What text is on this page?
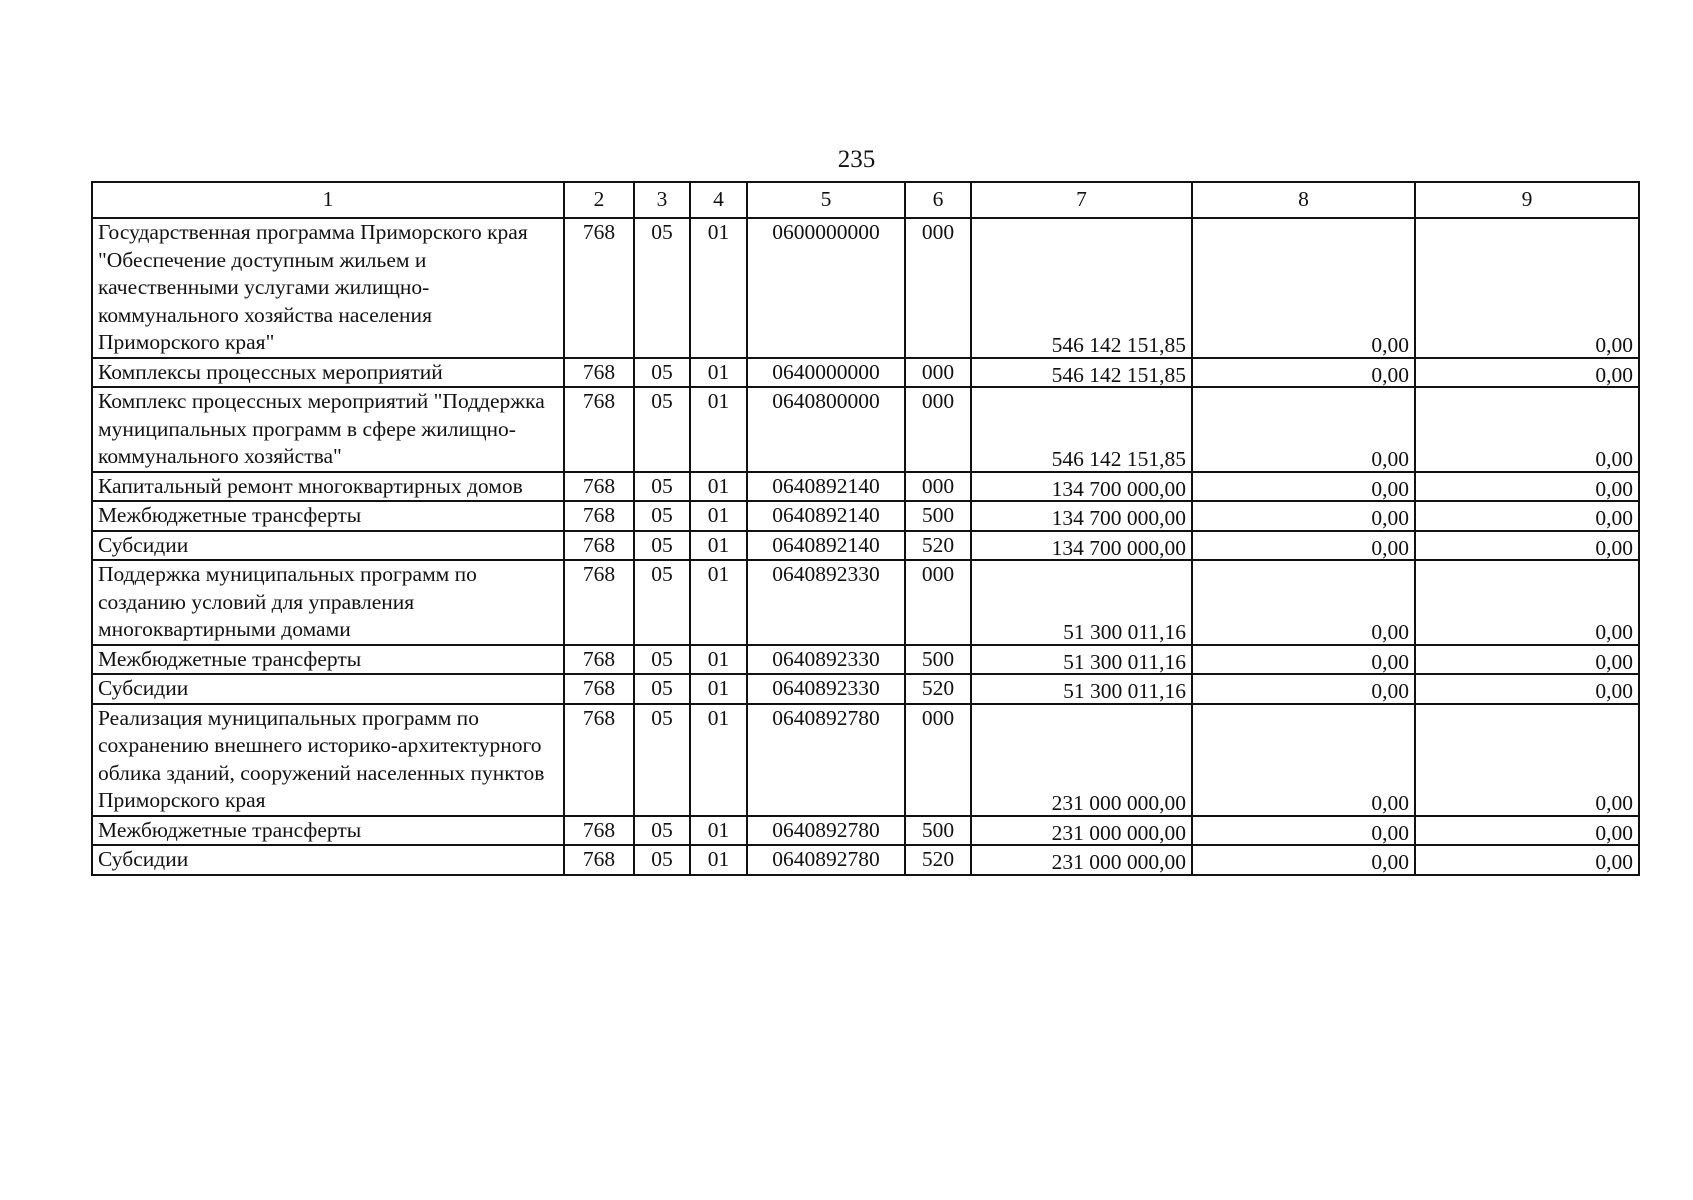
235
1	2	3	4	5	6	7	8	9
Государственная программа Приморского края "Обеспечение доступным жильем и качественными услугами жилищно-коммунального хозяйства населения Приморского края"	768	05	01	0600000000	000	546 142 151,85	0,00	0,00

Комплексы процессных мероприятий	768	05	01	0640000000	000	546 142 151,85	0,00	0,00

Комплекс процессных мероприятий "Поддержка муниципальных программ в сфере жилищно-коммунального хозяйства"	768	05	01	0640800000	000	546 142 151,85	0,00	0,00

Капитальный ремонт многоквартирных домов	768	05	01	0640892140	000	134 700 000,00	0,00	0,00

Межбюджетные трансферты	768	05	01	0640892140	500	134 700 000,00	0,00	0,00

Субсидии	768	05	01	0640892140	520	134 700 000,00	0,00	0,00

Поддержка муниципальных программ по созданию условий для управления многоквартирными домами	768	05	01	0640892330	000	51 300 011,16	0,00	0,00

Межбюджетные трансферты	768	05	01	0640892330	500	51 300 011,16	0,00	0,00

Субсидии	768	05	01	0640892330	520	51 300 011,16	0,00	0,00

Реализация муниципальных программ по сохранению внешнего историко-архитектурного облика зданий, сооружений населенных пунктов Приморского края	768	05	01	0640892780	000	231 000 000,00	0,00	0,00

Межбюджетные трансферты	768	05	01	0640892780	500	231 000 000,00	0,00	0,00

Субсидии	768	05	01	0640892780	520	231 000 000,00	0,00	0,00
